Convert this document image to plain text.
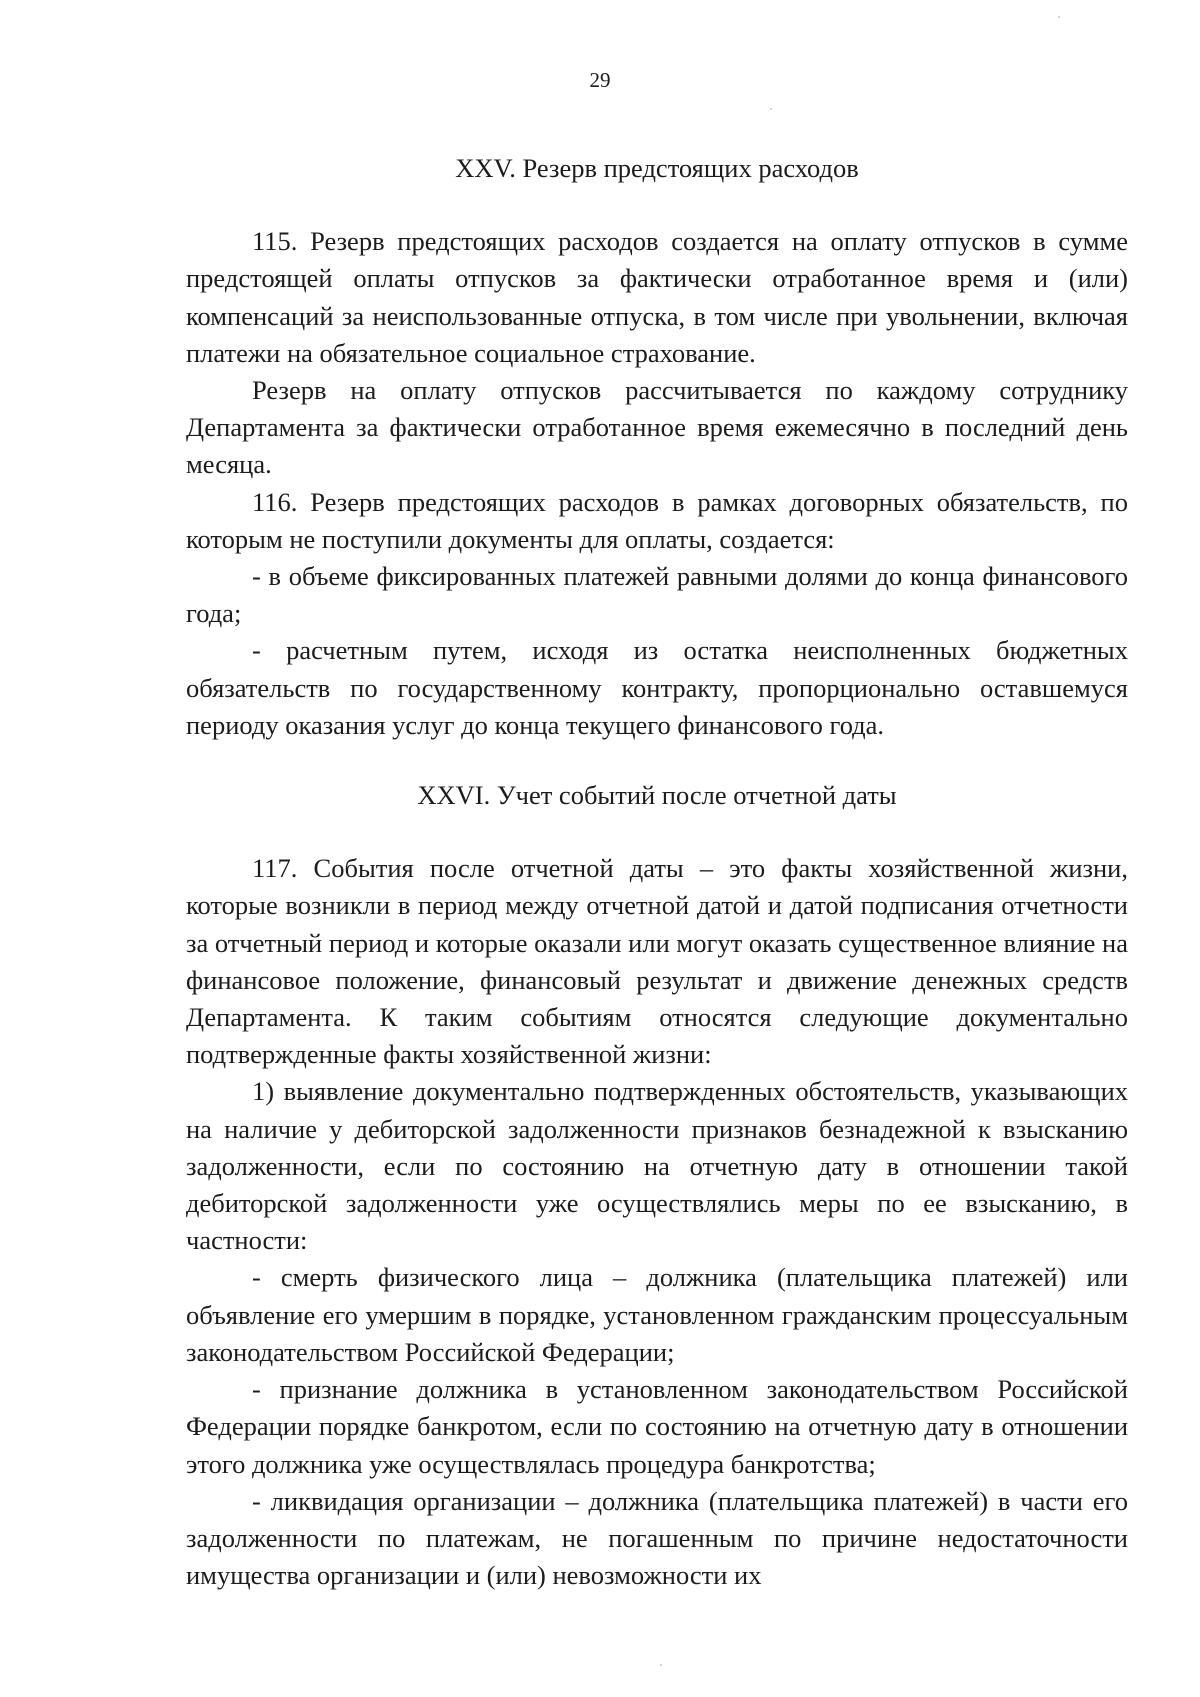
29
XXV. Резерв предстоящих расходов

115. Резерв предстоящих расходов создается на оплату отпусков в сумме предстоящей оплаты отпусков за фактически отработанное время и (или) компенсаций за неиспользованные отпуска, в том числе при увольнении, включая платежи на обязательное социальное страхование.

Резерв на оплату отпусков рассчитывается по каждому сотруднику Департамента за фактически отработанное время ежемесячно в последний день месяца.

116. Резерв предстоящих расходов в рамках договорных обязательств, по которым не поступили документы для оплаты, создается:

- в объеме фиксированных платежей равными долями до конца финансового года;

- расчетным путем, исходя из остатка неисполненных бюджетных обязательств по государственному контракту, пропорционально оставшемуся периоду оказания услуг до конца текущего финансового года.

XXVI. Учет событий после отчетной даты

117. События после отчетной даты – это факты хозяйственной жизни, которые возникли в период между отчетной датой и датой подписания отчетности за отчетный период и которые оказали или могут оказать существенное влияние на финансовое положение, финансовый результат и движение денежных средств Департамента. К таким событиям относятся следующие документально подтвержденные факты хозяйственной жизни:

1) выявление документально подтвержденных обстоятельств, указывающих на наличие у дебиторской задолженности признаков безнадежной к взысканию задолженности, если по состоянию на отчетную дату в отношении такой дебиторской задолженности уже осуществлялись меры по ее взысканию, в частности:

- смерть физического лица – должника (плательщика платежей) или объявление его умершим в порядке, установленном гражданским процессуальным законодательством Российской Федерации;

- признание должника в установленном законодательством Российской Федерации порядке банкротом, если по состоянию на отчетную дату в отношении этого должника уже осуществлялась процедура банкротства;

- ликвидация организации – должника (плательщика платежей) в части его задолженности по платежам, не погашенным по причине недостаточности имущества организации и (или) невозможности их
